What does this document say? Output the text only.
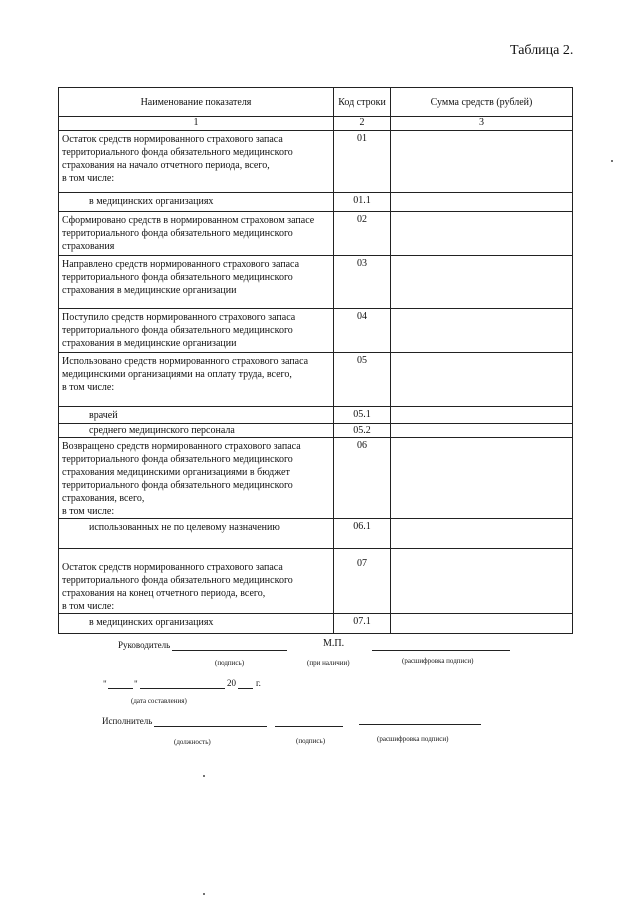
Таблица 2.
Наименование показателя	Код строки	Сумма средств (рублей)
1	2	3
Остаток средств нормированного страхового запаса территориального фонда обязательного медицинского страхования на начало отчетного периода, всего,
в том числе:	01	
в медицинских организациях	01.1	
Сформировано средств в нормированном страховом запасе территориального фонда обязательного медицинского страхования	02	
Направлено средств нормированного страхового запаса территориального фонда обязательного медицинского страхования в медицинские организации	03	
Поступило средств нормированного страхового запаса территориального фонда обязательного медицинского страхования в медицинские организации	04	
Использовано средств нормированного страхового запаса медицинскими организациями на оплату труда, всего,
в том числе:	05	
врачей	05.1	
среднего медицинского персонала	05.2	
Возвращено средств нормированного страхового запаса территориального фонда обязательного медицинского страхования медицинскими организациями в бюджет территориального фонда обязательного медицинского страхования, всего,
в том числе:	06	
использованных не по целевому назначению	06.1	
Остаток средств нормированного страхового запаса территориального фонда обязательного медицинского страхования на конец отчетного периода, всего,
в том числе:	07	
в медицинских организациях	07.1	
Руководитель	М.П.
(подпись)	(при наличии)	(расшифровка подписи)
"	"	20 г.
(дата составления)
Исполнитель
(должность)	(подпись)	(расшифровка подписи)
